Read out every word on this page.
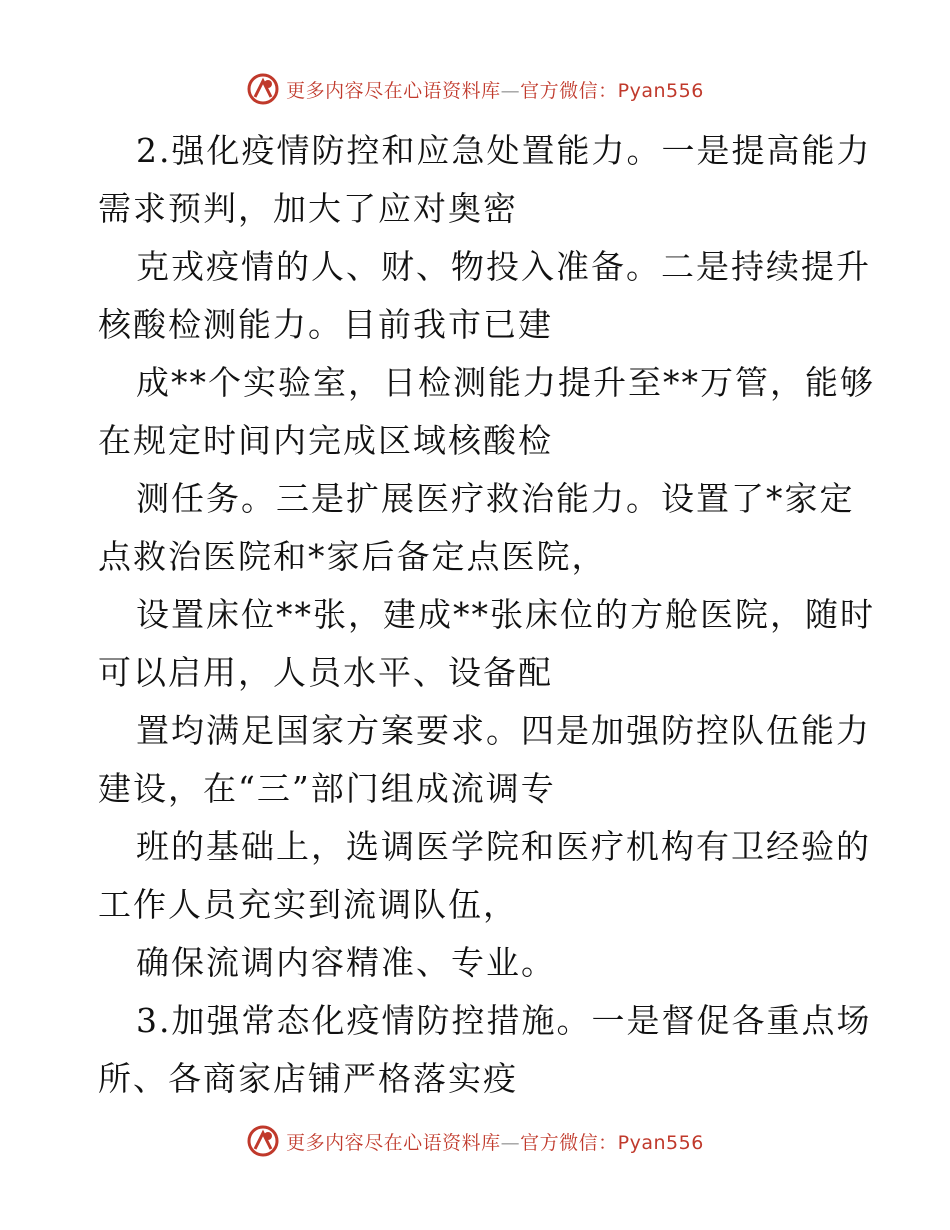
更多内容尽在心语资料库—官方微信：Pyan556
2.强化疫情防控和应急处置能力。一是提高能力
需求预判，加大了应对奥密
克戎疫情的人、财、物投入准备。二是持续提升
核酸检测能力。目前我市已建
成**个实验室，日检测能力提升至**万管，能够
在规定时间内完成区域核酸检
测任务。三是扩展医疗救治能力。设置了*家定
点救治医院和*家后备定点医院，
设置床位**张，建成**张床位的方舱医院，随时
可以启用，人员水平、设备配
置均满足国家方案要求。四是加强防控队伍能力
建设，在“三”部门组成流调专
班的基础上，选调医学院和医疗机构有卫经验的
工作人员充实到流调队伍，
确保流调内容精准、专业。
3.加强常态化疫情防控措施。一是督促各重点场
所、各商家店铺严格落实疫
更多内容尽在心语资料库—官方微信：Pyan556
